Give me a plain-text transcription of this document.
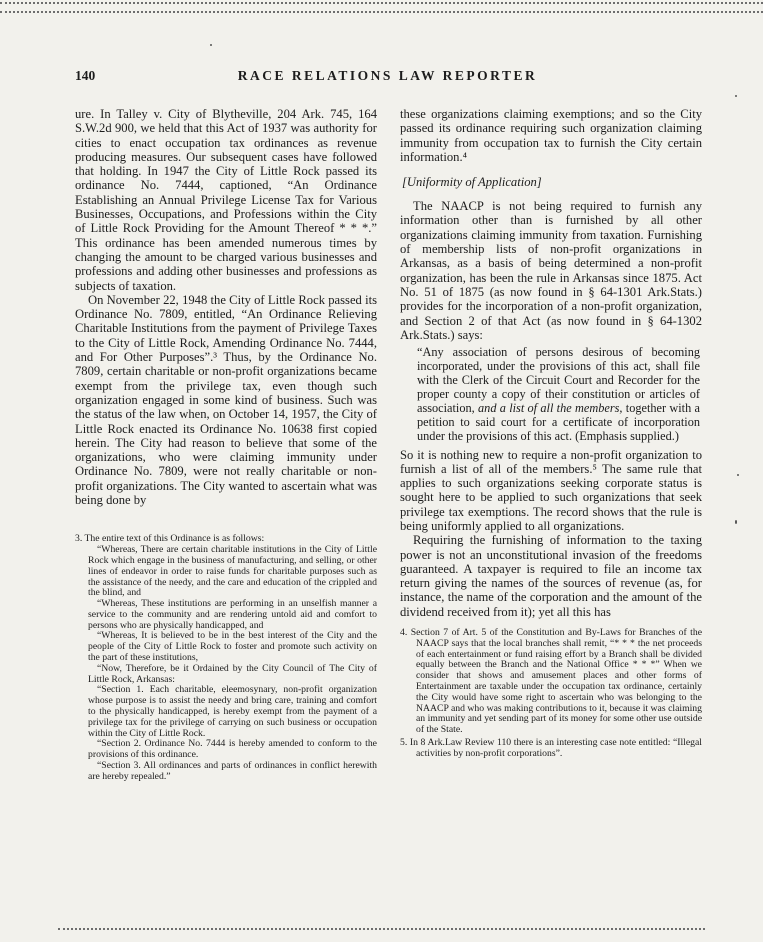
140	RACE RELATIONS LAW REPORTER

ure. In Talley v. City of Blytheville, 204 Ark. 745, 164 S.W.2d 900, we held that this Act of 1937 was authority for cities to enact occupation tax ordinances as revenue producing measures. Our subsequent cases have followed that holding. In 1947 the City of Little Rock passed its ordinance No. 7444, captioned, “An Ordinance Establishing an Annual Privilege License Tax for Various Businesses, Occupations, and Professions within the City of Little Rock Providing for the Amount Thereof * * *.” This ordinance has been amended numerous times by changing the amount to be charged various businesses and professions and adding other businesses and professions as subjects of taxation.

On November 22, 1948 the City of Little Rock passed its Ordinance No. 7809, entitled, “An Ordinance Relieving Charitable Institutions from the payment of Privilege Taxes to the City of Little Rock, Amending Ordinance No. 7444, and For Other Purposes”.³ Thus, by the Ordinance No. 7809, certain charitable or non-profit organizations became exempt from the privilege tax, even though such organization engaged in some kind of business. Such was the status of the law when, on October 14, 1957, the City of Little Rock enacted its Ordinance No. 10638 first copied herein. The City had reason to believe that some of the organizations, who were claiming immunity under Ordinance No. 7809, were not really charitable or non-profit organizations. The City wanted to ascertain what was being done by

3. The entire text of this Ordinance is as follows:

“Whereas, There are certain charitable institutions in the City of Little Rock which engage in the business of manufacturing, and selling, or other lines of endeavor in order to raise funds for charitable purposes such as the assistance of the needy, and the care and education of the crippled and the blind, and

“Whereas, These institutions are performing in an unselfish manner a service to the community and are rendering untold aid and comfort to persons who are physically handicapped, and

“Whereas, It is believed to be in the best interest of the City and the people of the City of Little Rock to foster and promote such activity on the part of these institutions,

“Now, Therefore, be it Ordained by the City Council of The City of Little Rock, Arkansas:

“Section 1. Each charitable, eleemosynary, non-profit organization whose purpose is to assist the needy and bring care, training and comfort to the physically handicapped, is hereby exempt from the payment of a privilege tax for the privilege of carrying on such business or occupation within the City of Little Rock.

“Section 2. Ordinance No. 7444 is hereby amended to conform to the provisions of this ordinance.

“Section 3. All ordinances and parts of ordinances in conflict herewith are hereby repealed.”

these organizations claiming exemptions; and so the City passed its ordinance requiring such organization claiming immunity from occupation tax to furnish the City certain information.⁴

[Uniformity of Application]

The NAACP is not being required to furnish any information other than is furnished by all other organizations claiming immunity from taxation. Furnishing of membership lists of non-profit organizations in Arkansas, as a basis of being determined a non-profit organization, has been the rule in Arkansas since 1875. Act No. 51 of 1875 (as now found in § 64-1301 Ark.Stats.) provides for the incorporation of a non-profit organization, and Section 2 of that Act (as now found in § 64-1302 Ark.Stats.) says:

“Any association of persons desirous of becoming incorporated, under the provisions of this act, shall file with the Clerk of the Circuit Court and Recorder for the proper county a copy of their constitution or articles of association, and a list of all the members, together with a petition to said court for a certificate of incorporation under the provisions of this act. (Emphasis supplied.)

So it is nothing new to require a non-profit organization to furnish a list of all of the members.⁵ The same rule that applies to such organizations seeking corporate status is sought here to be applied to such organizations that seek privilege tax exemptions. The record shows that the rule is being uniformly applied to all organizations.

Requiring the furnishing of information to the taxing power is not an unconstitutional invasion of the freedoms guaranteed. A taxpayer is required to file an income tax return giving the names of the sources of revenue (as, for instance, the name of the corporation and the amount of the dividend received from it); yet all this has

4. Section 7 of Art. 5 of the Constitution and By-Laws for Branches of the NAACP says that the local branches shall remit, “* * * the net proceeds of each entertainment or fund raising effort by a Branch shall be divided equally between the Branch and the National Office * * *” When we consider that shows and amusement places and other forms of Entertainment are taxable under the occupation tax ordinance, certainly the City would have some right to ascertain who was belonging to the NAACP and who was making contributions to it, because it was claiming an immunity and yet sending part of its money for some other use outside of the State.

5. In 8 Ark.Law Review 110 there is an interesting case note entitled: “Illegal activities by non-profit corporations”.
